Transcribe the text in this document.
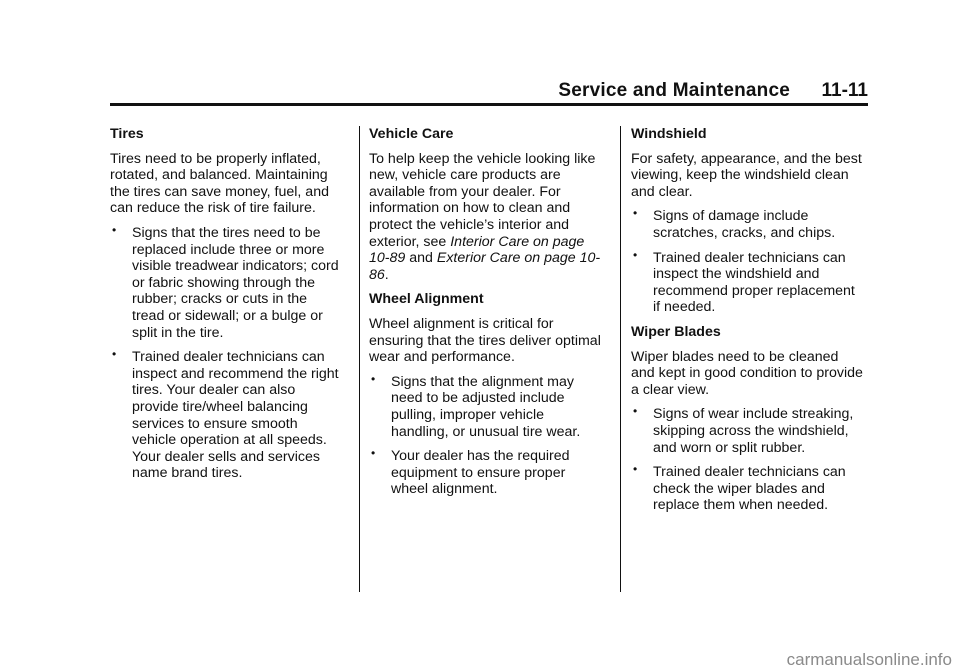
Service and Maintenance 11-11
Tires

Tires need to be properly inflated, rotated, and balanced. Maintaining the tires can save money, fuel, and can reduce the risk of tire failure.

• Signs that the tires need to be replaced include three or more visible treadwear indicators; cord or fabric showing through the rubber; cracks or cuts in the tread or sidewall; or a bulge or split in the tire.
• Trained dealer technicians can inspect and recommend the right tires. Your dealer can also provide tire/wheel balancing services to ensure smooth vehicle operation at all speeds. Your dealer sells and services name brand tires.
Vehicle Care

To help keep the vehicle looking like new, vehicle care products are available from your dealer. For information on how to clean and protect the vehicle’s interior and exterior, see Interior Care on page 10-89 and Exterior Care on page 10-86.

Wheel Alignment

Wheel alignment is critical for ensuring that the tires deliver optimal wear and performance.

• Signs that the alignment may need to be adjusted include pulling, improper vehicle handling, or unusual tire wear.
• Your dealer has the required equipment to ensure proper wheel alignment.
Windshield

For safety, appearance, and the best viewing, keep the windshield clean and clear.

• Signs of damage include scratches, cracks, and chips.
• Trained dealer technicians can inspect the windshield and recommend proper replacement if needed.
Wiper Blades

Wiper blades need to be cleaned and kept in good condition to provide a clear view.

• Signs of wear include streaking, skipping across the windshield, and worn or split rubber.
• Trained dealer technicians can check the wiper blades and replace them when needed.
carmanualsonline.info
